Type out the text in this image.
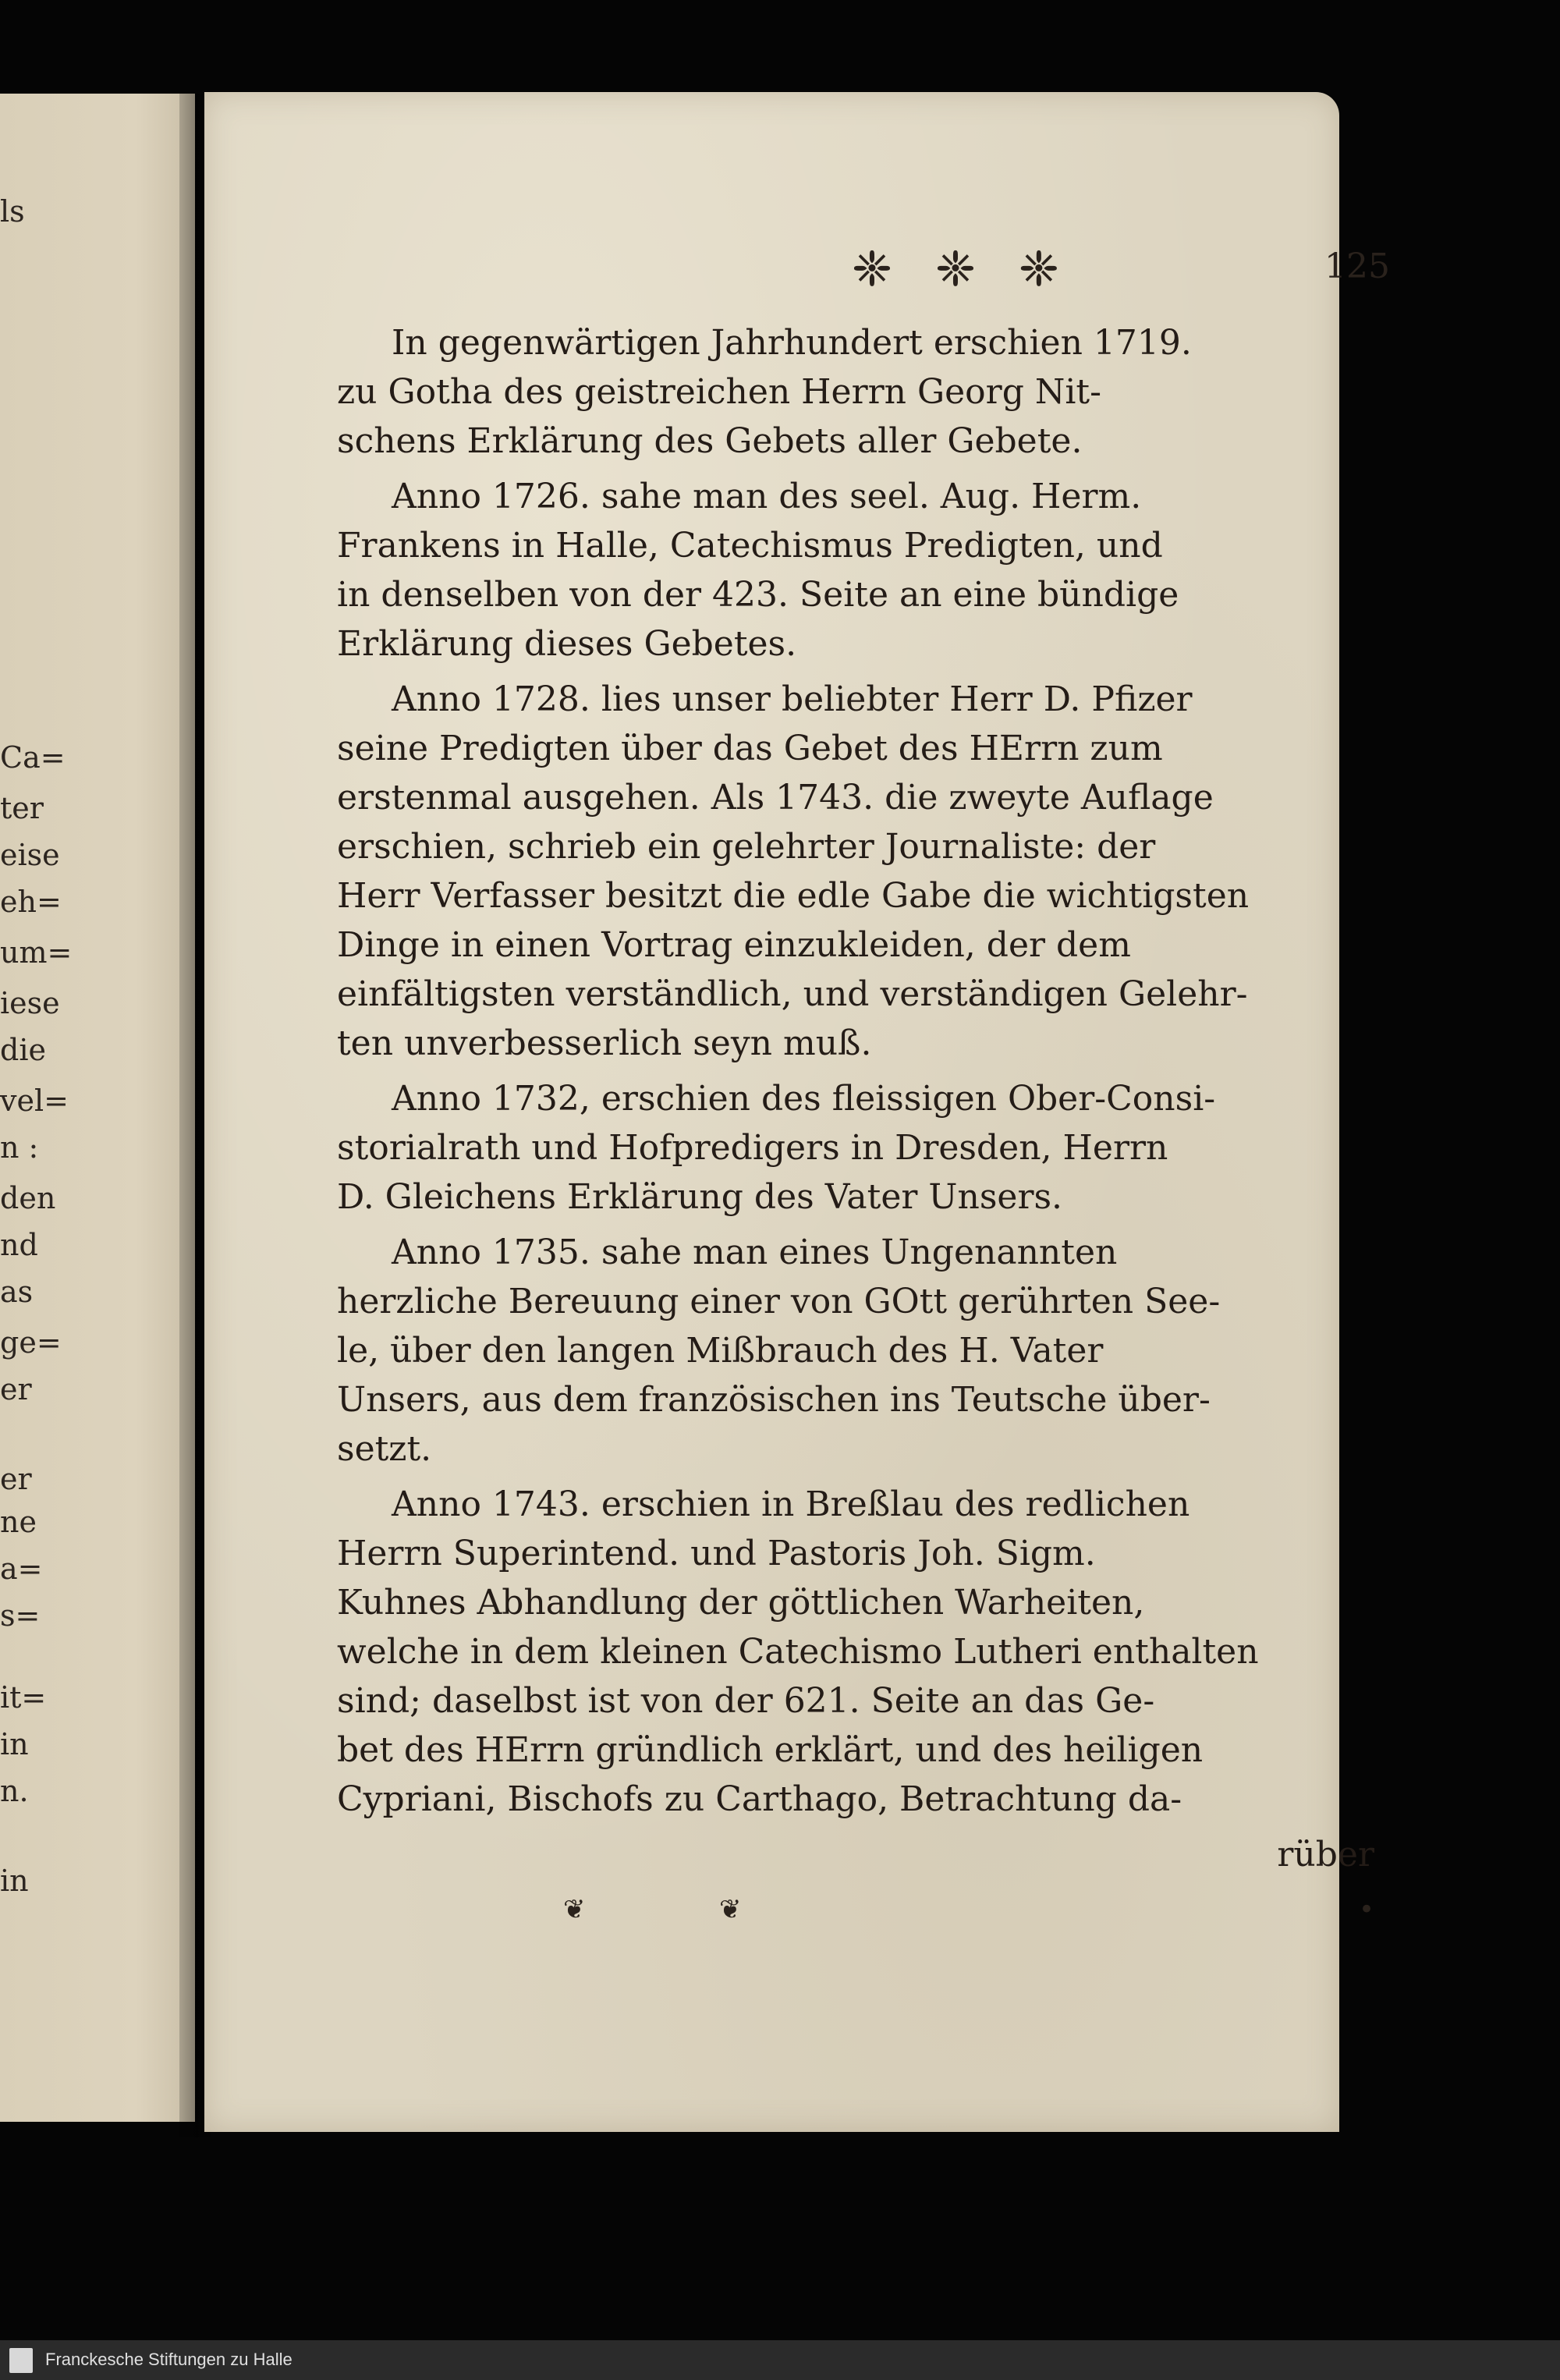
ls
Ca=
ter
eise
eh=
um=
iese
die
vel=
n :
den
nd
as
ge=
er
er
ne
a=
s=
it=
in
n.
in
❈ ❈ ❈	125
In gegenwärtigen Jahrhundert erschien 1719.
zu Gotha des geistreichen Herrn Georg Nit-
schens Erklärung des Gebets aller Gebete.
Anno 1726. sahe man des seel. Aug. Herm.
Frankens in Halle, Catechismus Predigten, und
in denselben von der 423. Seite an eine bündige
Erklärung dieses Gebetes.
Anno 1728. lies unser beliebter Herr D. Pfizer
seine Predigten über das Gebet des HErrn zum
erstenmal ausgehen. Als 1743. die zweyte Auflage
erschien, schrieb ein gelehrter Journaliste: der
Herr Verfasser besitzt die edle Gabe die wichtigsten
Dinge in einen Vortrag einzukleiden, der dem
einfältigsten verständlich, und verständigen Gelehr-
ten unverbesserlich seyn muß.
Anno 1732, erschien des fleissigen Ober-Consi-
storialrath und Hofpredigers in Dresden, Herrn
D. Gleichens Erklärung des Vater Unsers.
Anno 1735. sahe man eines Ungenannten
herzliche Bereuung einer von GOtt gerührten See-
le, über den langen Mißbrauch des H. Vater
Unsers, aus dem französischen ins Teutsche über-
setzt.
Anno 1743. erschien in Breßlau des redlichen
Herrn Superintend. und Pastoris Joh. Sigm.
Kuhnes Abhandlung der göttlichen Warheiten,
welche in dem kleinen Catechismo Lutheri enthalten
sind; daselbst ist von der 621. Seite an das Ge-
bet des HErrn gründlich erklärt, und des heiligen
Cypriani, Bischofs zu Carthago, Betrachtung da-
rüber
❦	❦	•
Franckesche Stiftungen zu Halle
